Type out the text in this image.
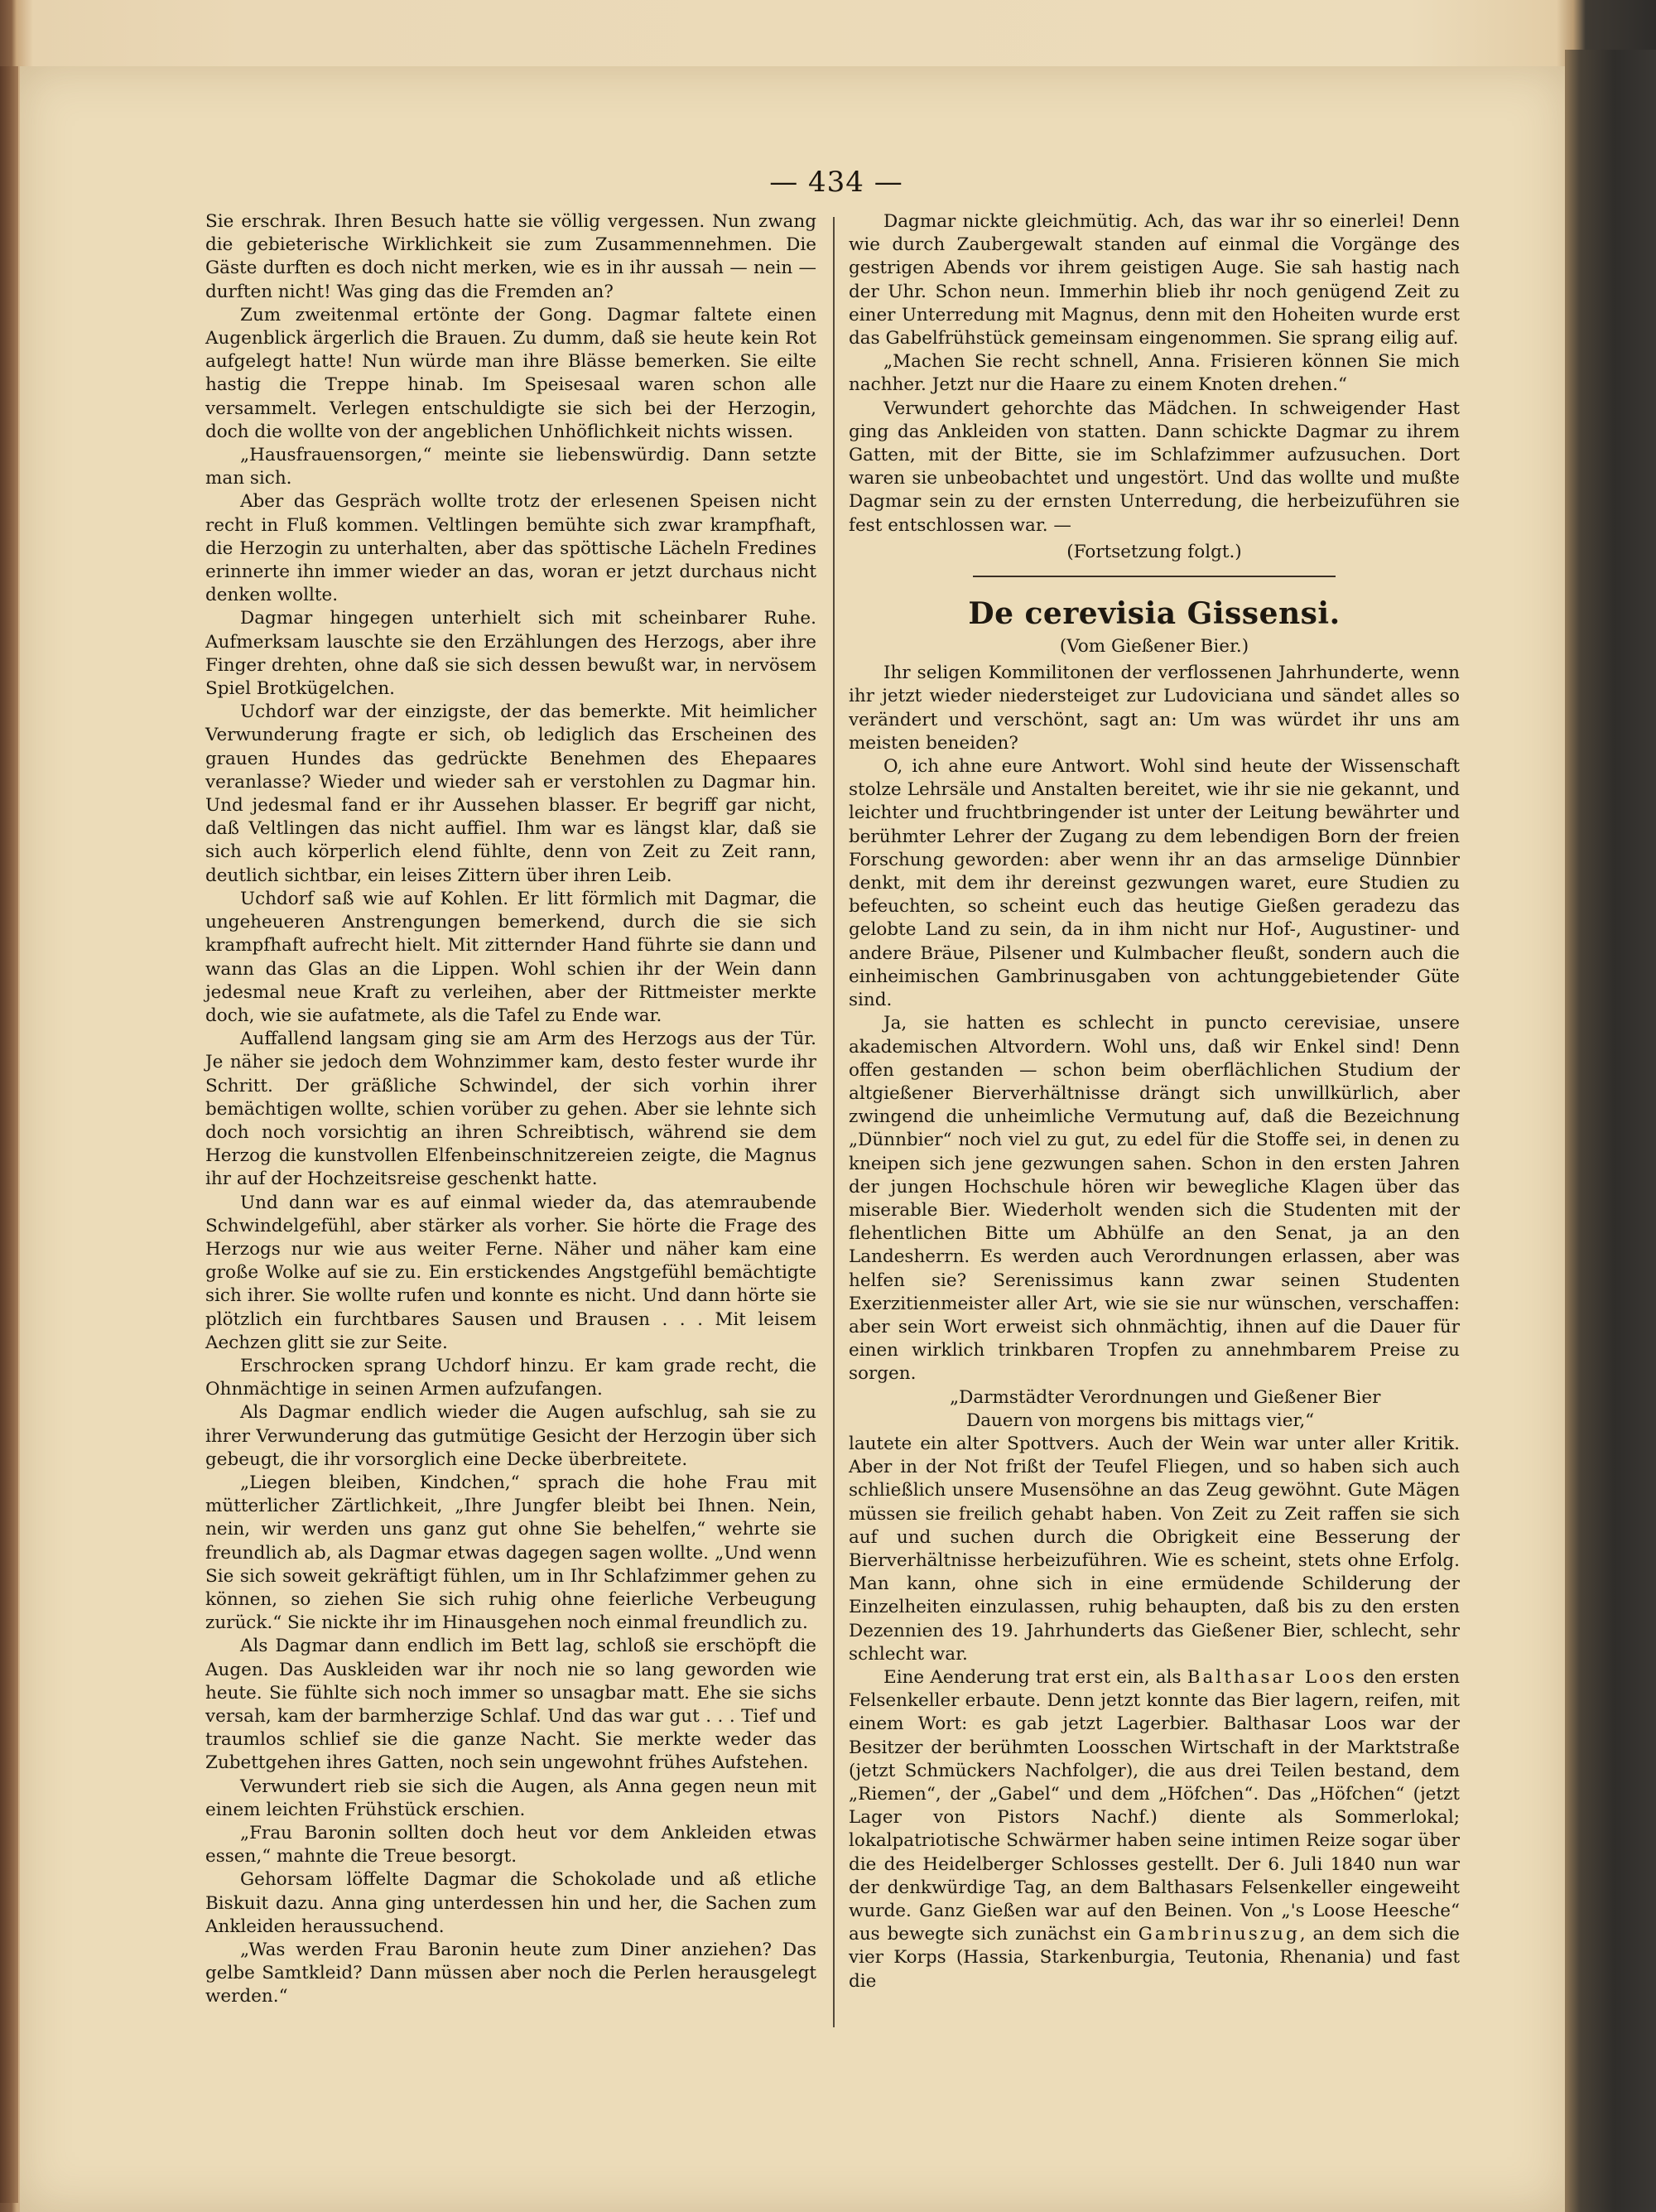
— 434 —

Sie erschrak. Ihren Besuch hatte sie völlig vergessen. Nun zwang die gebieterische Wirklichkeit sie zum Zusammennehmen. Die Gäste durften es doch nicht merken, wie es in ihr aussah — nein — durften nicht! Was ging das die Fremden an?

Zum zweitenmal ertönte der Gong. Dagmar faltete einen Augenblick ärgerlich die Brauen. Zu dumm, daß sie heute kein Rot aufgelegt hatte! Nun würde man ihre Blässe bemerken. Sie eilte hastig die Treppe hinab. Im Speisesaal waren schon alle versammelt. Verlegen entschuldigte sie sich bei der Herzogin, doch die wollte von der angeblichen Unhöflichkeit nichts wissen.

„Hausfrauensorgen,“ meinte sie liebenswürdig. Dann setzte man sich.

Aber das Gespräch wollte trotz der erlesenen Speisen nicht recht in Fluß kommen. Veltlingen bemühte sich zwar krampfhaft, die Herzogin zu unterhalten, aber das spöttische Lächeln Fredines erinnerte ihn immer wieder an das, woran er jetzt durchaus nicht denken wollte.

Dagmar hingegen unterhielt sich mit scheinbarer Ruhe. Aufmerksam lauschte sie den Erzählungen des Herzogs, aber ihre Finger drehten, ohne daß sie sich dessen bewußt war, in nervösem Spiel Brotkügelchen.

Uchdorf war der einzigste, der das bemerkte. Mit heimlicher Verwunderung fragte er sich, ob lediglich das Erscheinen des grauen Hundes das gedrückte Benehmen des Ehepaares veranlasse? Wieder und wieder sah er verstohlen zu Dagmar hin. Und jedesmal fand er ihr Aussehen blasser. Er begriff gar nicht, daß Veltlingen das nicht auffiel. Ihm war es längst klar, daß sie sich auch körperlich elend fühlte, denn von Zeit zu Zeit rann, deutlich sichtbar, ein leises Zittern über ihren Leib.

Uchdorf saß wie auf Kohlen. Er litt förmlich mit Dagmar, die ungeheueren Anstrengungen bemerkend, durch die sie sich krampfhaft aufrecht hielt. Mit zitternder Hand führte sie dann und wann das Glas an die Lippen. Wohl schien ihr der Wein dann jedesmal neue Kraft zu verleihen, aber der Rittmeister merkte doch, wie sie aufatmete, als die Tafel zu Ende war.

Auffallend langsam ging sie am Arm des Herzogs aus der Tür. Je näher sie jedoch dem Wohnzimmer kam, desto fester wurde ihr Schritt. Der gräßliche Schwindel, der sich vorhin ihrer bemächtigen wollte, schien vorüber zu gehen. Aber sie lehnte sich doch noch vorsichtig an ihren Schreibtisch, während sie dem Herzog die kunstvollen Elfenbeinschnitzereien zeigte, die Magnus ihr auf der Hochzeitsreise geschenkt hatte.

Und dann war es auf einmal wieder da, das atemraubende Schwindelgefühl, aber stärker als vorher. Sie hörte die Frage des Herzogs nur wie aus weiter Ferne. Näher und näher kam eine große Wolke auf sie zu. Ein erstickendes Angstgefühl bemächtigte sich ihrer. Sie wollte rufen und konnte es nicht. Und dann hörte sie plötzlich ein furchtbares Sausen und Brausen . . . Mit leisem Aechzen glitt sie zur Seite.

Erschrocken sprang Uchdorf hinzu. Er kam grade recht, die Ohnmächtige in seinen Armen aufzufangen.

Als Dagmar endlich wieder die Augen aufschlug, sah sie zu ihrer Verwunderung das gutmütige Gesicht der Herzogin über sich gebeugt, die ihr vorsorglich eine Decke überbreitete.

„Liegen bleiben, Kindchen,“ sprach die hohe Frau mit mütterlicher Zärtlichkeit, „Ihre Jungfer bleibt bei Ihnen. Nein, nein, wir werden uns ganz gut ohne Sie behelfen,“ wehrte sie freundlich ab, als Dagmar etwas dagegen sagen wollte. „Und wenn Sie sich soweit gekräftigt fühlen, um in Ihr Schlafzimmer gehen zu können, so ziehen Sie sich ruhig ohne feierliche Verbeugung zurück.“ Sie nickte ihr im Hinausgehen noch einmal freundlich zu.

Als Dagmar dann endlich im Bett lag, schloß sie erschöpft die Augen. Das Auskleiden war ihr noch nie so lang geworden wie heute. Sie fühlte sich noch immer so unsagbar matt. Ehe sie sichs versah, kam der barmherzige Schlaf. Und das war gut . . . Tief und traumlos schlief sie die ganze Nacht. Sie merkte weder das Zubettgehen ihres Gatten, noch sein ungewohnt frühes Aufstehen.

Verwundert rieb sie sich die Augen, als Anna gegen neun mit einem leichten Frühstück erschien.

„Frau Baronin sollten doch heut vor dem Ankleiden etwas essen,“ mahnte die Treue besorgt.

Gehorsam löffelte Dagmar die Schokolade und aß etliche Biskuit dazu. Anna ging unterdessen hin und her, die Sachen zum Ankleiden heraussuchend.

„Was werden Frau Baronin heute zum Diner anziehen? Das gelbe Samtkleid? Dann müssen aber noch die Perlen herausgelegt werden.“

Dagmar nickte gleichmütig. Ach, das war ihr so einerlei! Denn wie durch Zaubergewalt standen auf einmal die Vorgänge des gestrigen Abends vor ihrem geistigen Auge. Sie sah hastig nach der Uhr. Schon neun. Immerhin blieb ihr noch genügend Zeit zu einer Unterredung mit Magnus, denn mit den Hoheiten wurde erst das Gabelfrühstück gemeinsam eingenommen. Sie sprang eilig auf.

„Machen Sie recht schnell, Anna. Frisieren können Sie mich nachher. Jetzt nur die Haare zu einem Knoten drehen.“

Verwundert gehorchte das Mädchen. In schweigender Hast ging das Ankleiden von statten. Dann schickte Dagmar zu ihrem Gatten, mit der Bitte, sie im Schlafzimmer aufzusuchen. Dort waren sie unbeobachtet und ungestört. Und das wollte und mußte Dagmar sein zu der ernsten Unterredung, die herbeizuführen sie fest entschlossen war. —

(Fortsetzung folgt.)
De cerevisia Gissensi.
(Vom Gießener Bier.)

Ihr seligen Kommilitonen der verflossenen Jahrhunderte, wenn ihr jetzt wieder niedersteiget zur Ludoviciana und sändet alles so verändert und verschönt, sagt an: Um was würdet ihr uns am meisten beneiden?

O, ich ahne eure Antwort. Wohl sind heute der Wissenschaft stolze Lehrsäle und Anstalten bereitet, wie ihr sie nie gekannt, und leichter und fruchtbringender ist unter der Leitung bewährter und berühmter Lehrer der Zugang zu dem lebendigen Born der freien Forschung geworden: aber wenn ihr an das armselige Dünnbier denkt, mit dem ihr dereinst gezwungen waret, eure Studien zu befeuchten, so scheint euch das heutige Gießen geradezu das gelobte Land zu sein, da in ihm nicht nur Hof-, Augustiner- und andere Bräue, Pilsener und Kulmbacher fleußt, sondern auch die einheimischen Gambrinusgaben von achtunggebietender Güte sind.

Ja, sie hatten es schlecht in puncto cerevisiae, unsere akademischen Altvordern. Wohl uns, daß wir Enkel sind! Denn offen gestanden — schon beim oberflächlichen Studium der altgießener Bierverhältnisse drängt sich unwillkürlich, aber zwingend die unheimliche Vermutung auf, daß die Bezeichnung „Dünnbier“ noch viel zu gut, zu edel für die Stoffe sei, in denen zu kneipen sich jene gezwungen sahen. Schon in den ersten Jahren der jungen Hochschule hören wir bewegliche Klagen über das miserable Bier. Wiederholt wenden sich die Studenten mit der flehentlichen Bitte um Abhülfe an den Senat, ja an den Landesherrn. Es werden auch Verordnungen erlassen, aber was helfen sie? Serenissimus kann zwar seinen Studenten Exerzitienmeister aller Art, wie sie sie nur wünschen, verschaffen: aber sein Wort erweist sich ohnmächtig, ihnen auf die Dauer für einen wirklich trinkbaren Tropfen zu annehmbarem Preise zu sorgen.

„Darmstädter Verordnungen und Gießener Bier

Dauern von morgens bis mittags vier,“

lautete ein alter Spottvers. Auch der Wein war unter aller Kritik. Aber in der Not frißt der Teufel Fliegen, und so haben sich auch schließlich unsere Musensöhne an das Zeug gewöhnt. Gute Mägen müssen sie freilich gehabt haben. Von Zeit zu Zeit raffen sie sich auf und suchen durch die Obrigkeit eine Besserung der Bierverhältnisse herbeizuführen. Wie es scheint, stets ohne Erfolg. Man kann, ohne sich in eine ermüdende Schilderung der Einzelheiten einzulassen, ruhig behaupten, daß bis zu den ersten Dezennien des 19. Jahrhunderts das Gießener Bier, schlecht, sehr schlecht war.

Eine Aenderung trat erst ein, als Balthasar Loos den ersten Felsenkeller erbaute. Denn jetzt konnte das Bier lagern, reifen, mit einem Wort: es gab jetzt Lagerbier. Balthasar Loos war der Besitzer der berühmten Loosschen Wirtschaft in der Marktstraße (jetzt Schmückers Nachfolger), die aus drei Teilen bestand, dem „Riemen“, der „Gabel“ und dem „Höfchen“. Das „Höfchen“ (jetzt Lager von Pistors Nachf.) diente als Sommerlokal; lokalpatriotische Schwärmer haben seine intimen Reize sogar über die des Heidelberger Schlosses gestellt. Der 6. Juli 1840 nun war der denkwürdige Tag, an dem Balthasars Felsenkeller eingeweiht wurde. Ganz Gießen war auf den Beinen. Von „'s Loose Heesche“ aus bewegte sich zunächst ein Gambrinuszug, an dem sich die vier Korps (Hassia, Starkenburgia, Teutonia, Rhenania) und fast die
